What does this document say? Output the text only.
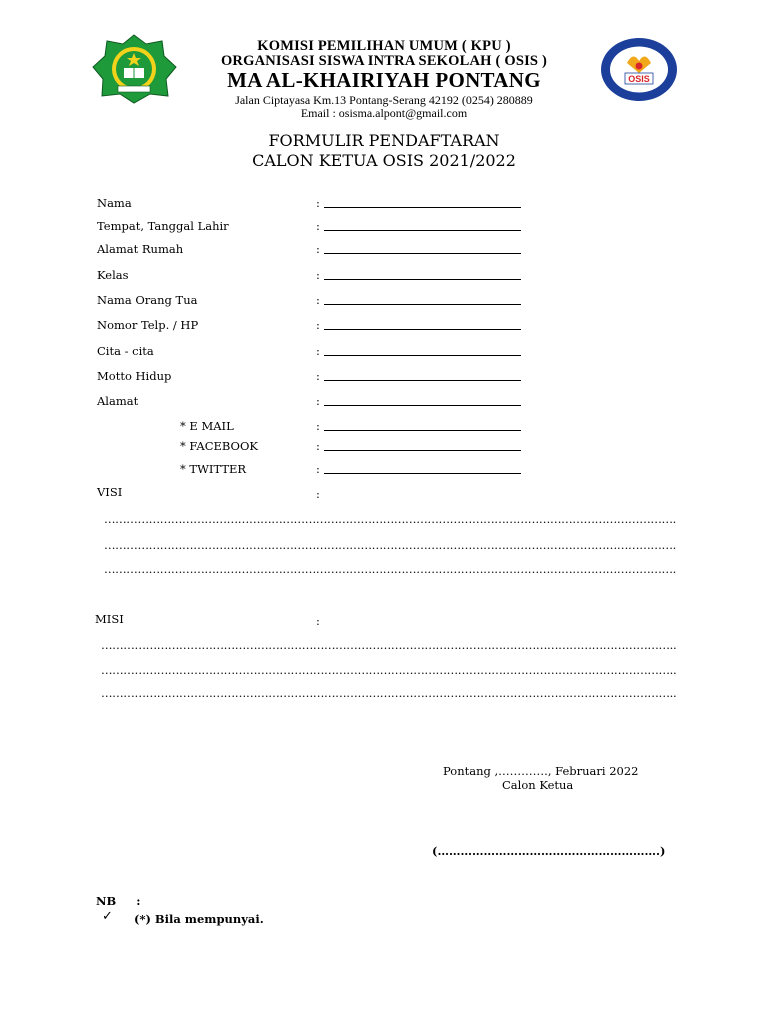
OSIS
KOMISI PEMILIHAN UMUM ( KPU )
ORGANISASI SISWA INTRA SEKOLAH ( OSIS )
MA AL-KHAIRIYAH PONTANG
Jalan Ciptayasa Km.13 Pontang-Serang 42192 (0254) 280889
Email : osisma.alpont@gmail.com
FORMULIR PENDAFTARAN
CALON KETUA OSIS 2021/2022
Nama	:
Tempat, Tanggal Lahir	:
Alamat Rumah	:
Kelas	:
Nama Orang Tua	:
Nomor Telp. / HP	:
Cita - cita	:
Motto Hidup	:
Alamat	:
* E MAIL	:
* FACEBOOK	:
* TWITTER	:
VISI	:
……………………………………………………………………………………………………………………………………….
……………………………………………………………………………………………………………………………………….
……………………………………………………………………………………………………………………………………….
MISI	:
………………………………………………………………………………………………………………………………………..
………………………………………………………………………………………………………………………………………..
………………………………………………………………………………………………………………………………………..
Pontang ,…………., Februari 2022
Calon Ketua
(………………………………………………….)
NB     :
✓ (*) Bila mempunyai.
